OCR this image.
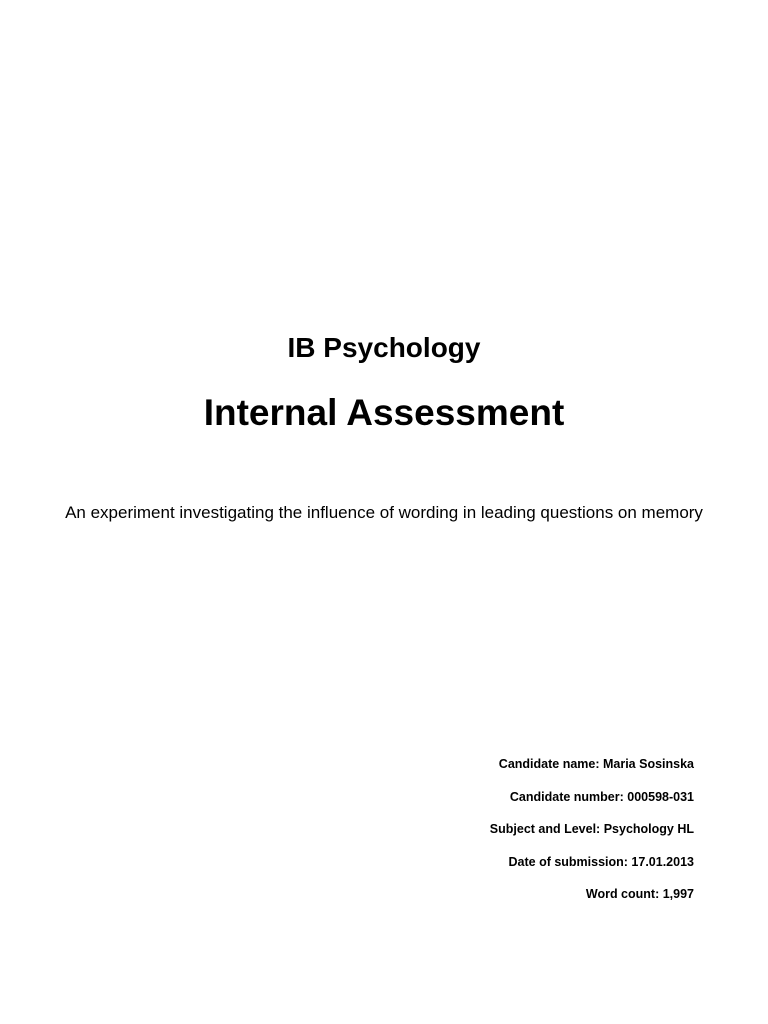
IB Psychology
Internal Assessment

An experiment investigating the influence of wording in leading questions on memory

Candidate name: Maria Sosinska
Candidate number: 000598-031
Subject and Level: Psychology HL
Date of submission: 17.01.2013
Word count: 1,997
